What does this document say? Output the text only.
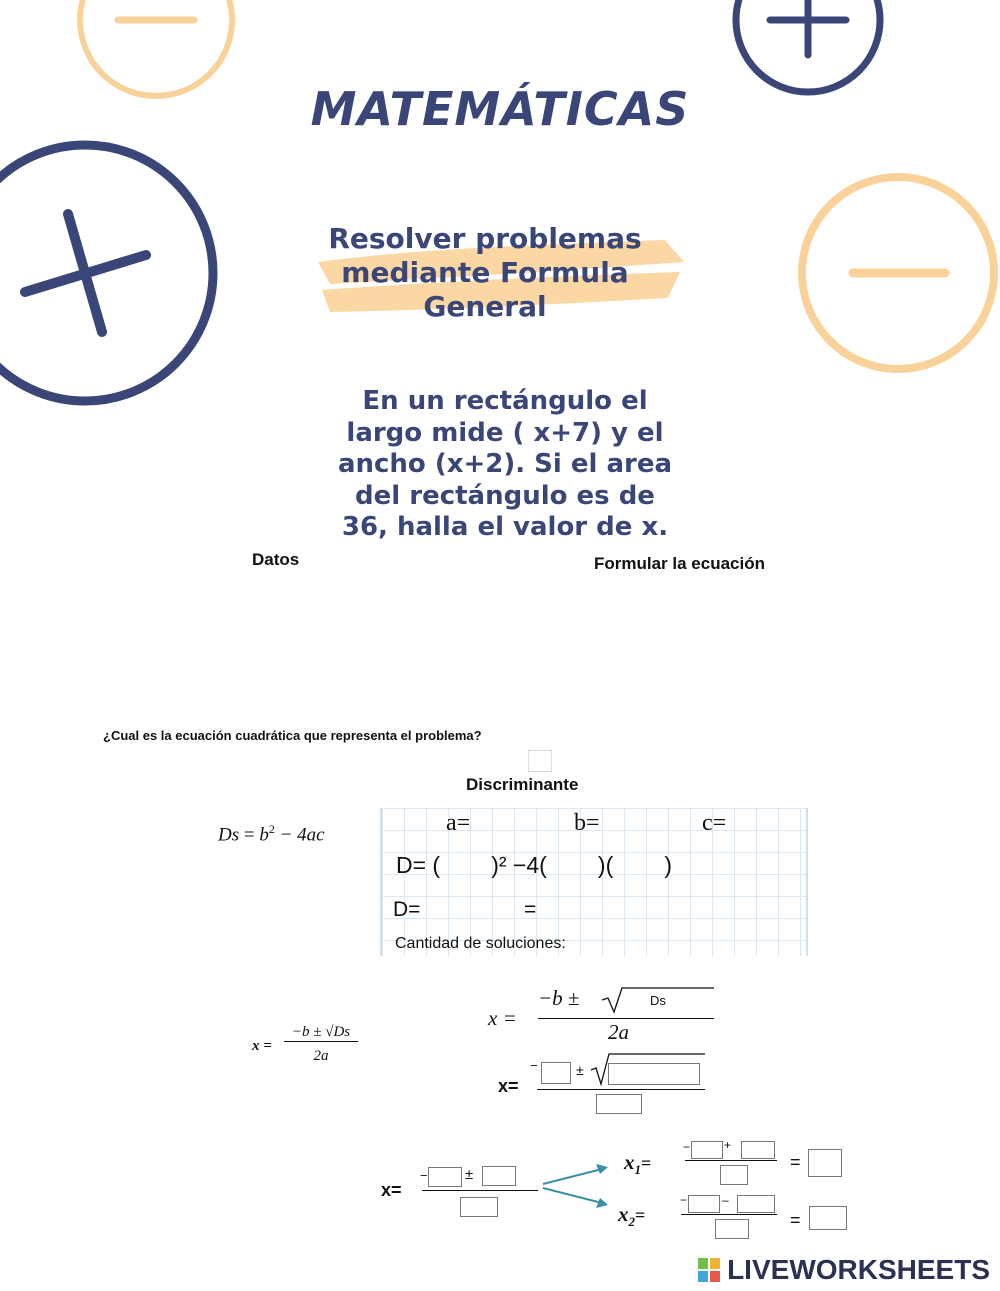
MATEMÁTICAS
Resolver problemas
mediante Formula
General
En un rectángulo el
largo mide ( x+7) y el
ancho (x+2). Si el area
del rectángulo es de
36, halla el valor de x.
Datos	Formular la ecuación
¿Cual es la ecuación cuadrática que representa el problema?
Discriminante
$Ds = b^2 - 4ac$	a=	b=	c=
D= (        )² −4(        )(        )
D=	=
Cantidad de soluciones:
x =
−b ± √Ds
2a
x =
−b ±	Ds
2a
x=
−	±
x=
− ±
$x_1=$
−	+
=
$x_2=$
−	–
=
LIVEWORKSHEETS
